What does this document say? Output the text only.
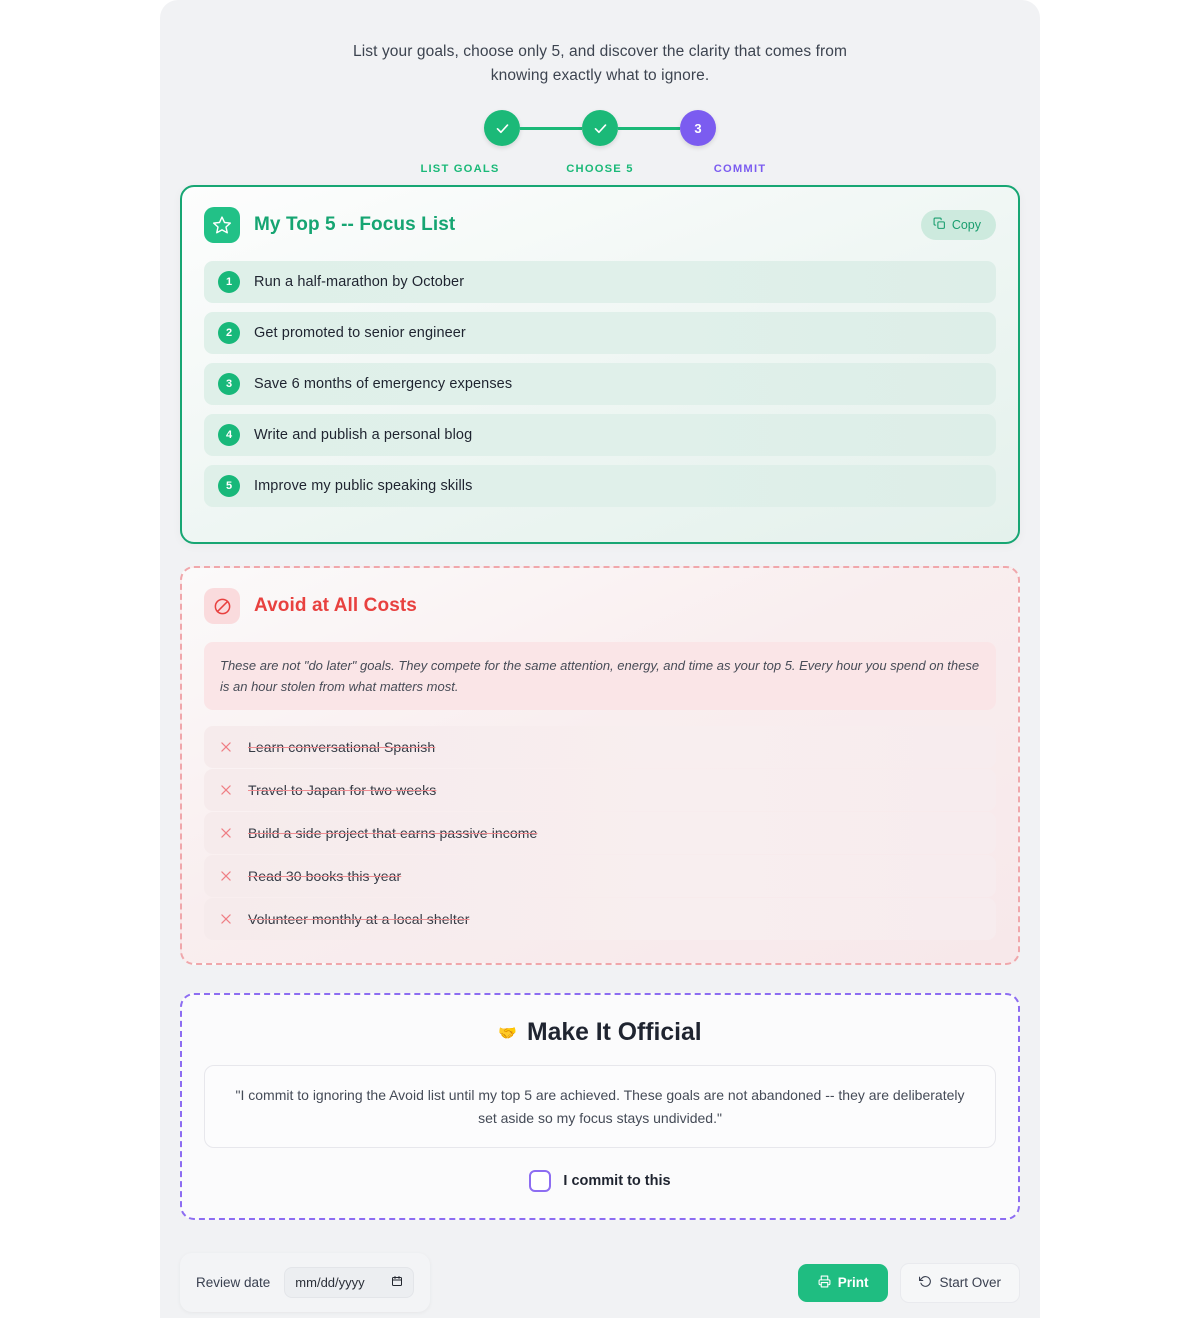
List your goals, choose only 5, and discover the clarity that comes from knowing exactly what to ignore.

3
LIST GOALS	CHOOSE 5	COMMIT
My Top 5 -- Focus List	Copy
1	Run a half-marathon by October
2	Get promoted to senior engineer
3	Save 6 months of emergency expenses
4	Write and publish a personal blog
5	Improve my public speaking skills
Avoid at All Costs

These are not "do later" goals. They compete for the same attention, energy, and time as your top 5. Every hour you spend on these is an hour stolen from what matters most.

Learn conversational Spanish
Travel to Japan for two weeks
Build a side project that earns passive income
Read 30 books this year
Volunteer monthly at a local shelter
🤝 Make It Official

"I commit to ignoring the Avoid list until my top 5 are achieved. These goals are not abandoned -- they are deliberately set aside so my focus stays undivided."

I commit to this
Review date mm/dd/yyyy	Print	Start Over
